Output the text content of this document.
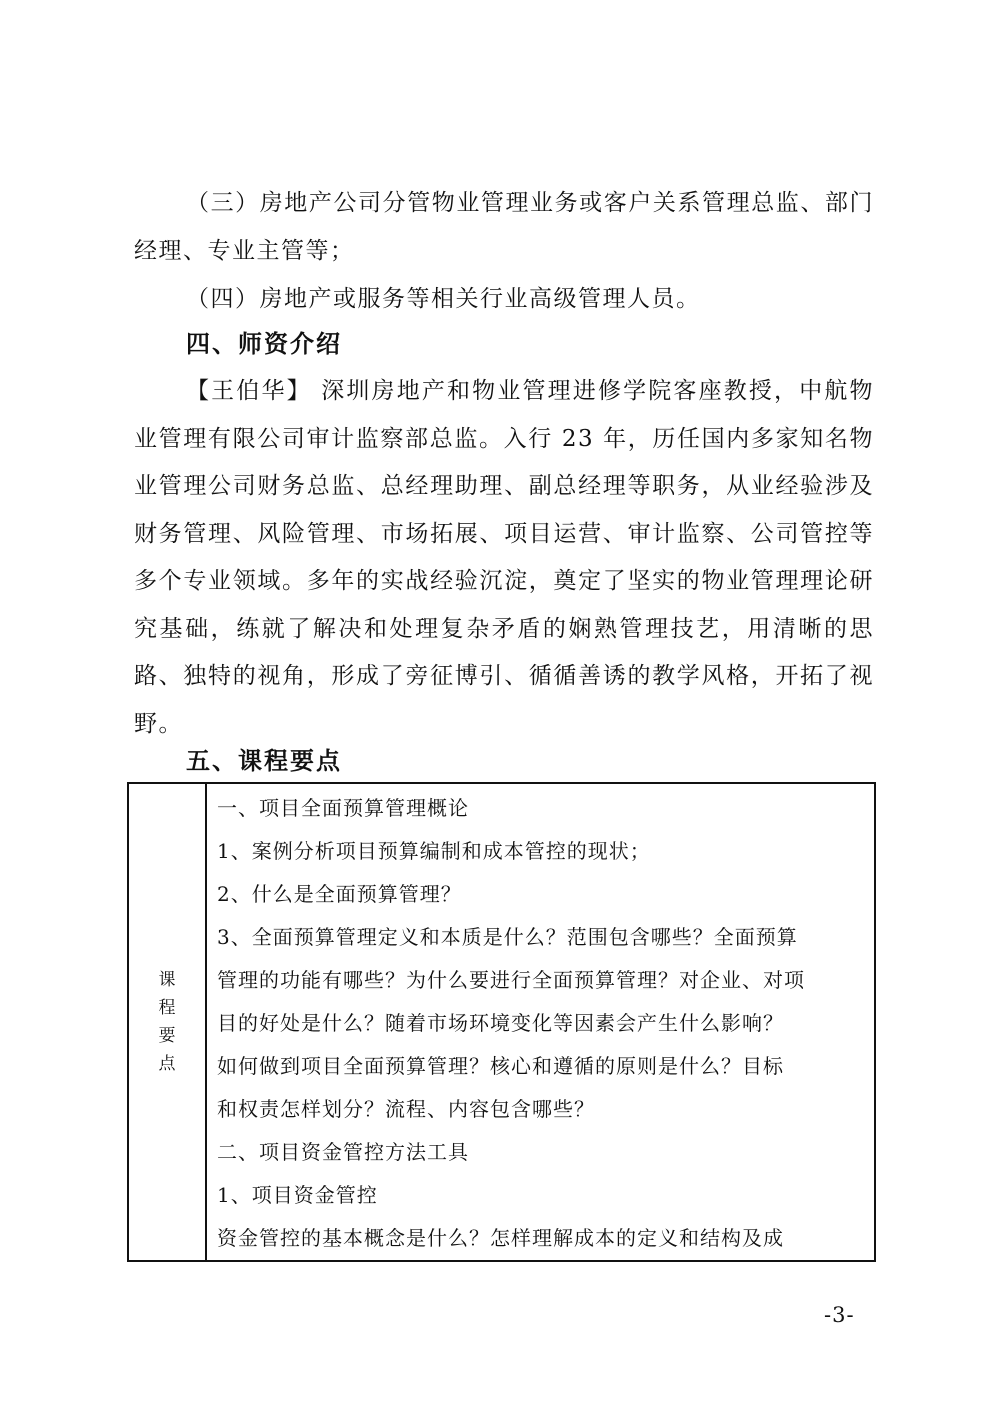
（三）房地产公司分管物业管理业务或客户关系管理总监、部门经理、专业主管等；

（四）房地产或服务等相关行业高级管理人员。

四、师资介绍

【王伯华】 深圳房地产和物业管理进修学院客座教授，中航物业管理有限公司审计监察部总监。入行 23 年，历任国内多家知名物业管理公司财务总监、总经理助理、副总经理等职务，从业经验涉及财务管理、风险管理、市场拓展、项目运营、审计监察、公司管控等多个专业领域。多年的实战经验沉淀，奠定了坚实的物业管理理论研究基础，练就了解决和处理复杂矛盾的娴熟管理技艺，用清晰的思路、独特的视角，形成了旁征博引、循循善诱的教学风格，开拓了视野。

五、课程要点
课程要点	
一、项目全面预算管理概论
1、案例分析项目预算编制和成本管控的现状；
2、什么是全面预算管理？
3、全面预算管理定义和本质是什么？范围包含哪些？全面预算
管理的功能有哪些？为什么要进行全面预算管理？对企业、对项
目的好处是什么？随着市场环境变化等因素会产生什么影响？
如何做到项目全面预算管理？核心和遵循的原则是什么？目标
和权责怎样划分？流程、内容包含哪些？
二、项目资金管控方法工具
1、项目资金管控
资金管控的基本概念是什么？怎样理解成本的定义和结构及成
-3-
